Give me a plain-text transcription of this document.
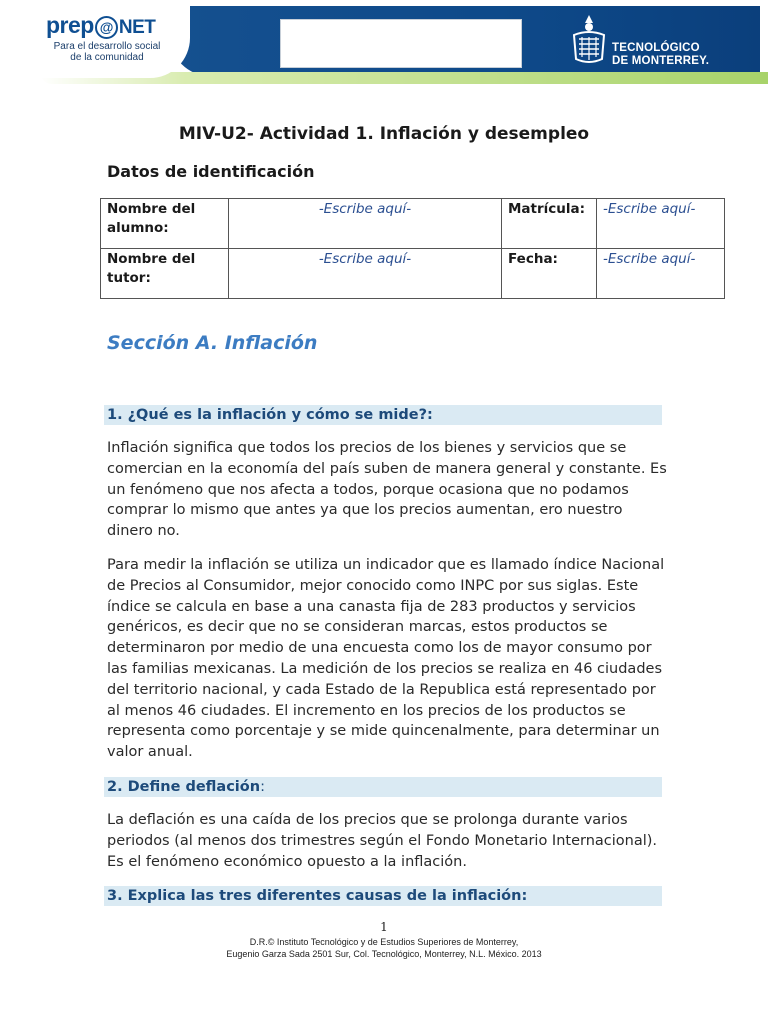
prep @ NET
Para el desarrollo social
de la comunidad
TECNOLÓGICO
DE MONTERREY.
MIV-U2- Actividad 1. Inflación y desempleo
Datos de identificación
Nombre del alumno:	-Escribe aquí-	Matrícula:	-Escribe aquí-
Nombre del tutor:	-Escribe aquí-	Fecha:	-Escribe aquí-
Sección A. Inflación
1. ¿Qué es la inflación y cómo se mide?:
Inflación significa que todos los precios de los bienes y servicios que se comercian en la economía del país suben de manera general y constante. Es un fenómeno que nos afecta a todos, porque ocasiona que no podamos comprar lo mismo que antes ya que los precios aumentan, ero nuestro dinero no.
Para medir la inflación se utiliza un indicador que es llamado índice Nacional de Precios al Consumidor, mejor conocido como INPC por sus siglas. Este índice se calcula en base a una canasta fija de 283 productos y servicios genéricos, es decir que no se consideran marcas, estos productos se determinaron por medio de una encuesta como los de mayor consumo por las familias mexicanas. La medición de los precios se realiza en 46 ciudades del territorio nacional, y cada Estado de la Republica está representado por al menos 46 ciudades. El incremento en los precios de los productos se representa como porcentaje y se mide quincenalmente, para determinar un valor anual.
2. Define deflación:
La deflación es una caída de los precios que se prolonga durante varios periodos (al menos dos trimestres según el Fondo Monetario Internacional). Es el fenómeno económico opuesto a la inflación.
3. Explica las tres diferentes causas de la inflación:
1
D.R.© Instituto Tecnológico y de Estudios Superiores de Monterrey,
Eugenio Garza Sada 2501 Sur, Col. Tecnológico, Monterrey, N.L. México. 2013
